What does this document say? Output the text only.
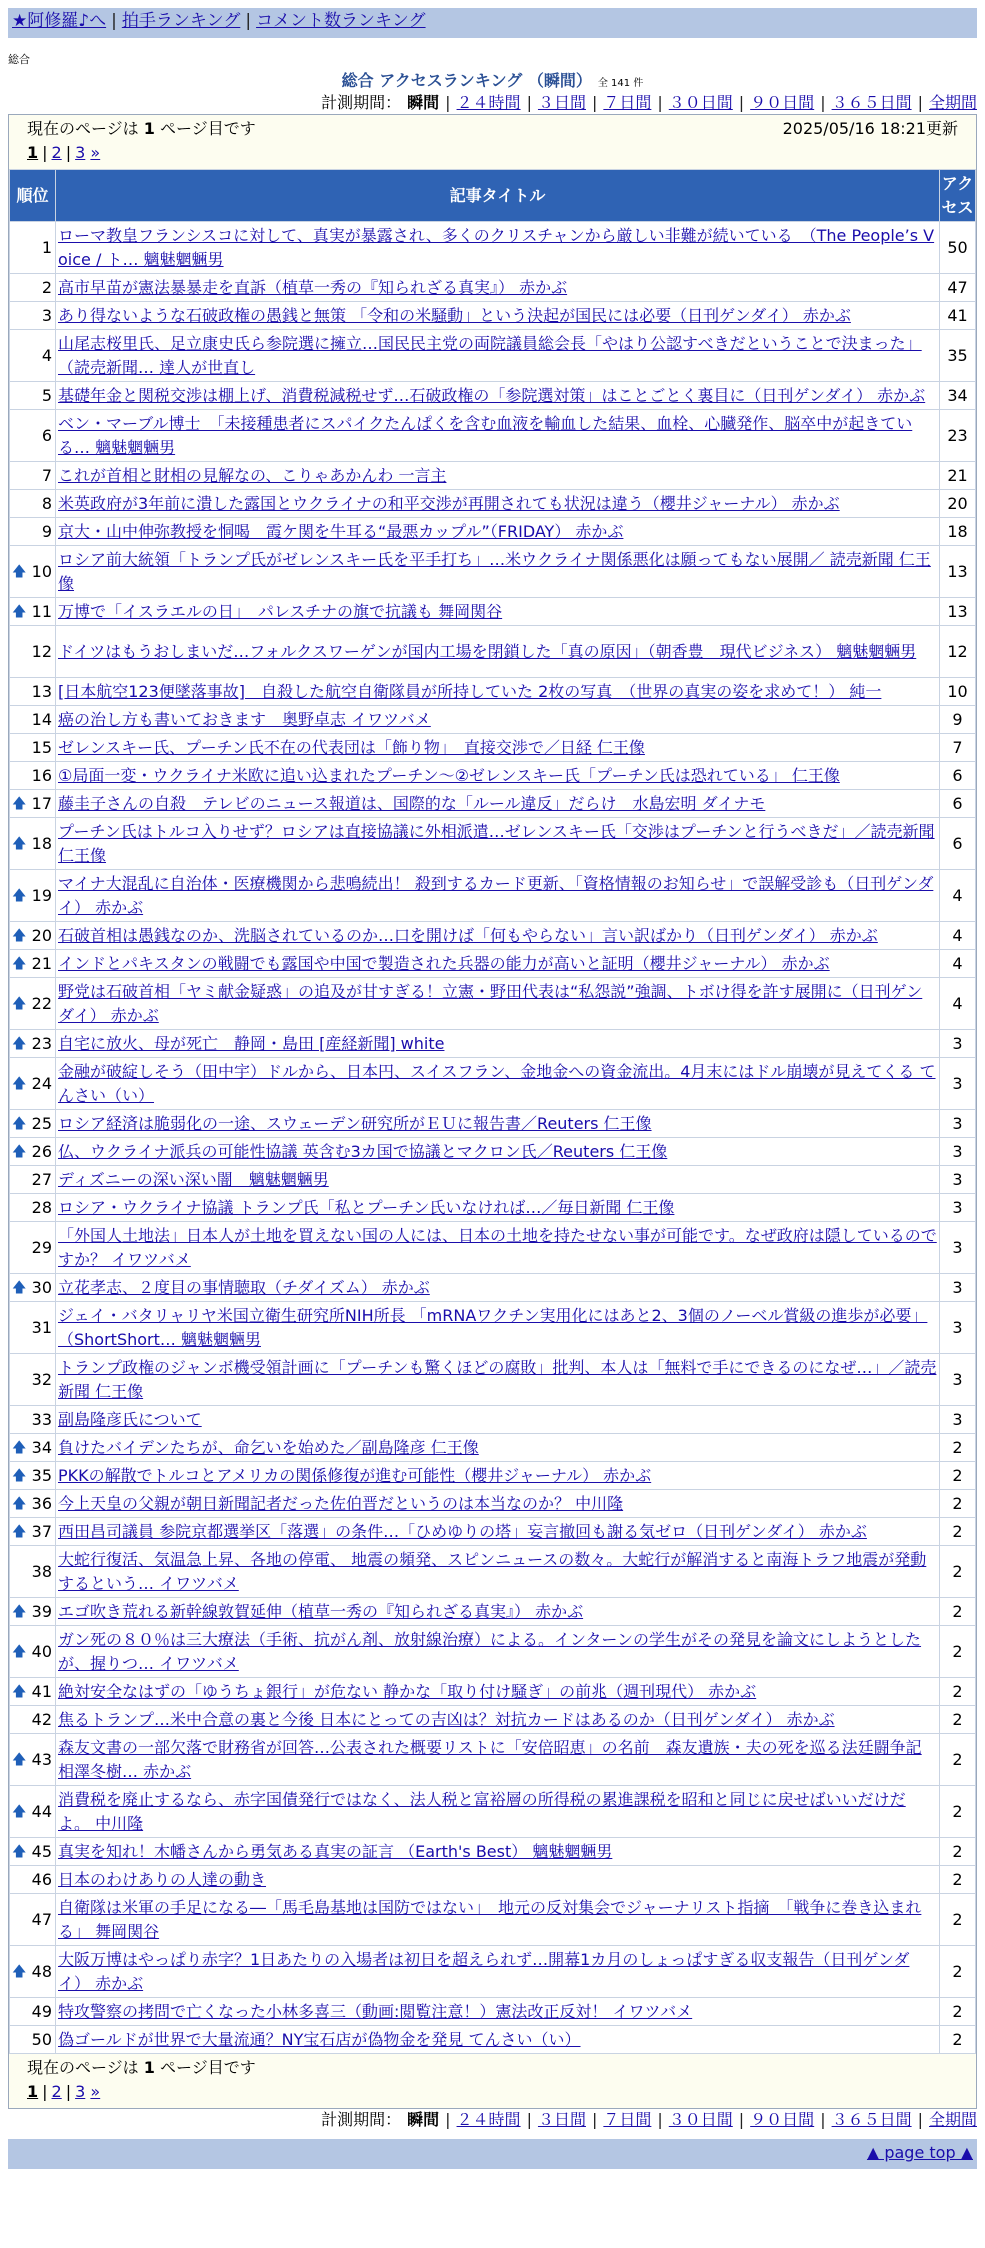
★阿修羅♪へ | 拍手ランキング | コメント数ランキング
総合
総合 アクセスランキング （瞬間） 全 141 件
計測期間： 瞬間 | ２４時間 | ３日間 | ７日間 | ３０日間 | ９０日間 | ３６５日間 | 全期間
現在のページは 1 ページ目です	2025/05/16 18:21更新
1 | 2 | 3 »
順位	記事タイトル	アクセス
1	ローマ教皇フランシスコに対して、真実が暴露され、多くのクリスチャンから厳しい非難が続いている　（The People’s Voice / ト… 魑魅魍魎男	50
2	高市早苗が憲法暴暴走を直訴（植草一秀の『知られざる真実』） 赤かぶ	47
3	あり得ないような石破政権の愚銭と無策 「令和の米騒動」という決起が国民には必要（日刊ゲンダイ） 赤かぶ	41
4	山尾志桜里氏、足立康史氏ら参院選に擁立…国民民主党の両院議員総会長「やはり公認すべきだということで決まった」（読売新聞… 達人が世直し	35
5	基礎年金と関税交渉は棚上げ、消費税減税せず…石破政権の「参院選対策」はことごとく裏目に（日刊ゲンダイ） 赤かぶ	34
6	ベン・マーブル博士　「未接種患者にスパイクたんぱくを含む血液を輸血した結果、血栓、心臓発作、脳卒中が起きている… 魑魅魍魎男	23
7	これが首相と財相の見解なの、こりゃあかんわ 一言主	21
8	米英政府が3年前に潰した露国とウクライナの和平交渉が再開されても状況は違う（櫻井ジャーナル） 赤かぶ	20
9	京大・山中伸弥教授を恫喝　霞ケ関を牛耳る“最悪カップル”（FRIDAY） 赤かぶ	18

🡅 10	ロシア前大統領「トランプ氏がゼレンスキー氏を平手打ち」…米ウクライナ関係悪化は願ってもない展開／ 読売新聞 仁王像	13

🡅 11	万博で「イスラエルの日」　パレスチナの旗で抗議も 舞岡関谷	13
12	ドイツはもうおしまいだ…フォルクスワーゲンが国内工場を閉鎖した「真の原因」（朝香豊　現代ビジネス） 魑魅魍魎男	12
13	[日本航空123便墜落事故]　自殺した航空自衛隊員が所持していた 2枚の写真　（世界の真実の姿を求めて！） 純一	10
14	癌の治し方も書いておきます　奥野卓志 イワツバメ	9
15	ゼレンスキー氏、プーチン氏不在の代表団は「飾り物」　直接交渉で／日経 仁王像	7
16	①局面一変・ウクライナ米欧に追い込まれたプーチン～②ゼレンスキー氏「プーチン氏は恐れている」 仁王像	6

🡅 17	藤圭子さんの自殺　テレビのニュース報道は、国際的な「ルール違反」だらけ　水島宏明 ダイナモ	6

🡅 18	プーチン氏はトルコ入りせず？ロシアは直接協議に外相派遣…ゼレンスキー氏「交渉はプーチンと行うべきだ」／読売新聞 仁王像	6

🡅 19	マイナ大混乱に自治体・医療機関から悲鳴続出！ 殺到するカード更新、「資格情報のお知らせ」で誤解受診も（日刊ゲンダイ） 赤かぶ	4

🡅 20	石破首相は愚銭なのか、洗脳されているのか…口を開けば「何もやらない」言い訳ばかり（日刊ゲンダイ） 赤かぶ	4

🡅 21	インドとパキスタンの戦闘でも露国や中国で製造された兵器の能力が高いと証明（櫻井ジャーナル） 赤かぶ	4

🡅 22	野党は石破首相「ヤミ献金疑惑」の追及が甘すぎる！立憲・野田代表は“私怨説”強調、トボけ得を許す展開に（日刊ゲンダイ） 赤かぶ	4

🡅 23	自宅に放火、母が死亡　静岡・島田 [産経新聞] white	3

🡅 24	金融が破綻しそう（田中宇）ドルから、日本円、スイスフラン、金地金への資金流出。4月末にはドル崩壊が見えてくる てんさい（い）	3

🡅 25	ロシア経済は脆弱化の一途、スウェーデン研究所がＥＵに報告書／Reuters 仁王像	3

🡅 26	仏、ウクライナ派兵の可能性協議 英含む3カ国で協議とマクロン氏／Reuters 仁王像	3
27	ディズニーの深い深い闇　魑魅魍魎男	3
28	ロシア・ウクライナ協議 トランプ氏「私とプーチン氏いなければ…／毎日新聞 仁王像	3
29	「外国人土地法」日本人が土地を買えない国の人には、日本の土地を持たせない事が可能です。なぜ政府は隠しているのですか？ イワツバメ	3

🡅 30	立花孝志、２度目の事情聴取（チダイズム） 赤かぶ	3
31	ジェイ・バタリャリヤ米国立衛生研究所NIH所長 「mRNAワクチン実用化にはあと2、3個のノーベル賞級の進歩が必要」（ShortShort… 魑魅魍魎男	3
32	トランプ政権のジャンボ機受領計画に「プーチンも驚くほどの腐敗」批判、本人は「無料で手にできるのになぜ…」／読売新聞 仁王像	3
33	副島隆彦氏について	3

🡅 34	負けたバイデンたちが、命乞いを始めた／副島隆彦 仁王像	2

🡅 35	PKKの解散でトルコとアメリカの関係修復が進む可能性（櫻井ジャーナル） 赤かぶ	2

🡅 36	今上天皇の父親が朝日新聞記者だった佐伯晋だというのは本当なのか？ 中川隆	2

🡅 37	西田昌司議員 参院京都選挙区「落選」の条件…「ひめゆりの塔」妄言撤回も謝る気ゼロ（日刊ゲンダイ） 赤かぶ	2
38	大蛇行復活、気温急上昇、各地の停電、 地震の頻発、スピンニュースの数々。大蛇行が解消すると南海トラフ地震が発動するという… イワツバメ	2

🡅 39	エゴ吹き荒れる新幹線敦賀延伸（植草一秀の『知られざる真実』） 赤かぶ	2

🡅 40	ガン死の８０％は三大療法（手術、抗がん剤、放射線治療）による。インターンの学生がその発見を論文にしようとしたが、握りつ… イワツバメ	2

🡅 41	絶対安全なはずの「ゆうちょ銀行」が危ない 静かな「取り付け騒ぎ」の前兆（週刊現代） 赤かぶ	2
42	焦るトランプ…米中合意の裏と今後 日本にとっての吉凶は？対抗カードはあるのか（日刊ゲンダイ） 赤かぶ	2

🡅 43	森友文書の一部欠落で財務省が回答…公表された概要リストに「安倍昭恵」の名前　森友遺族・夫の死を巡る法廷闘争記相澤冬樹… 赤かぶ	2

🡅 44	消費税を廃止するなら、赤字国債発行ではなく、法人税と富裕層の所得税の累進課税を昭和と同じに戻せばいいだけだよ。 中川隆	2

🡅 45	真実を知れ！木幡さんから勇気ある真実の証言 （Earth's Best） 魑魅魍魎男	2
46	日本のわけありの人達の動き	2
47	自衛隊は米軍の手足になる―「馬毛島基地は国防ではない」　地元の反対集会でジャーナリスト指摘　「戦争に巻き込まれる」 舞岡関谷	2

🡅 48	大阪万博はやっぱり赤字？1日あたりの入場者は初日を超えられず…開幕1カ月のしょっぱすぎる収支報告（日刊ゲンダイ） 赤かぶ	2
49	特攻警察の拷問で亡くなった小林多喜三（動画:閲覧注意！）憲法改正反対！ イワツバメ	2
50	偽ゴールドが世界で大量流通？NY宝石店が偽物金を発見 てんさい（い）	2
現在のページは 1 ページ目です
1 | 2 | 3 »
計測期間： 瞬間 | ２４時間 | ３日間 | ７日間 | ３０日間 | ９０日間 | ３６５日間 | 全期間
▲ page top ▲
